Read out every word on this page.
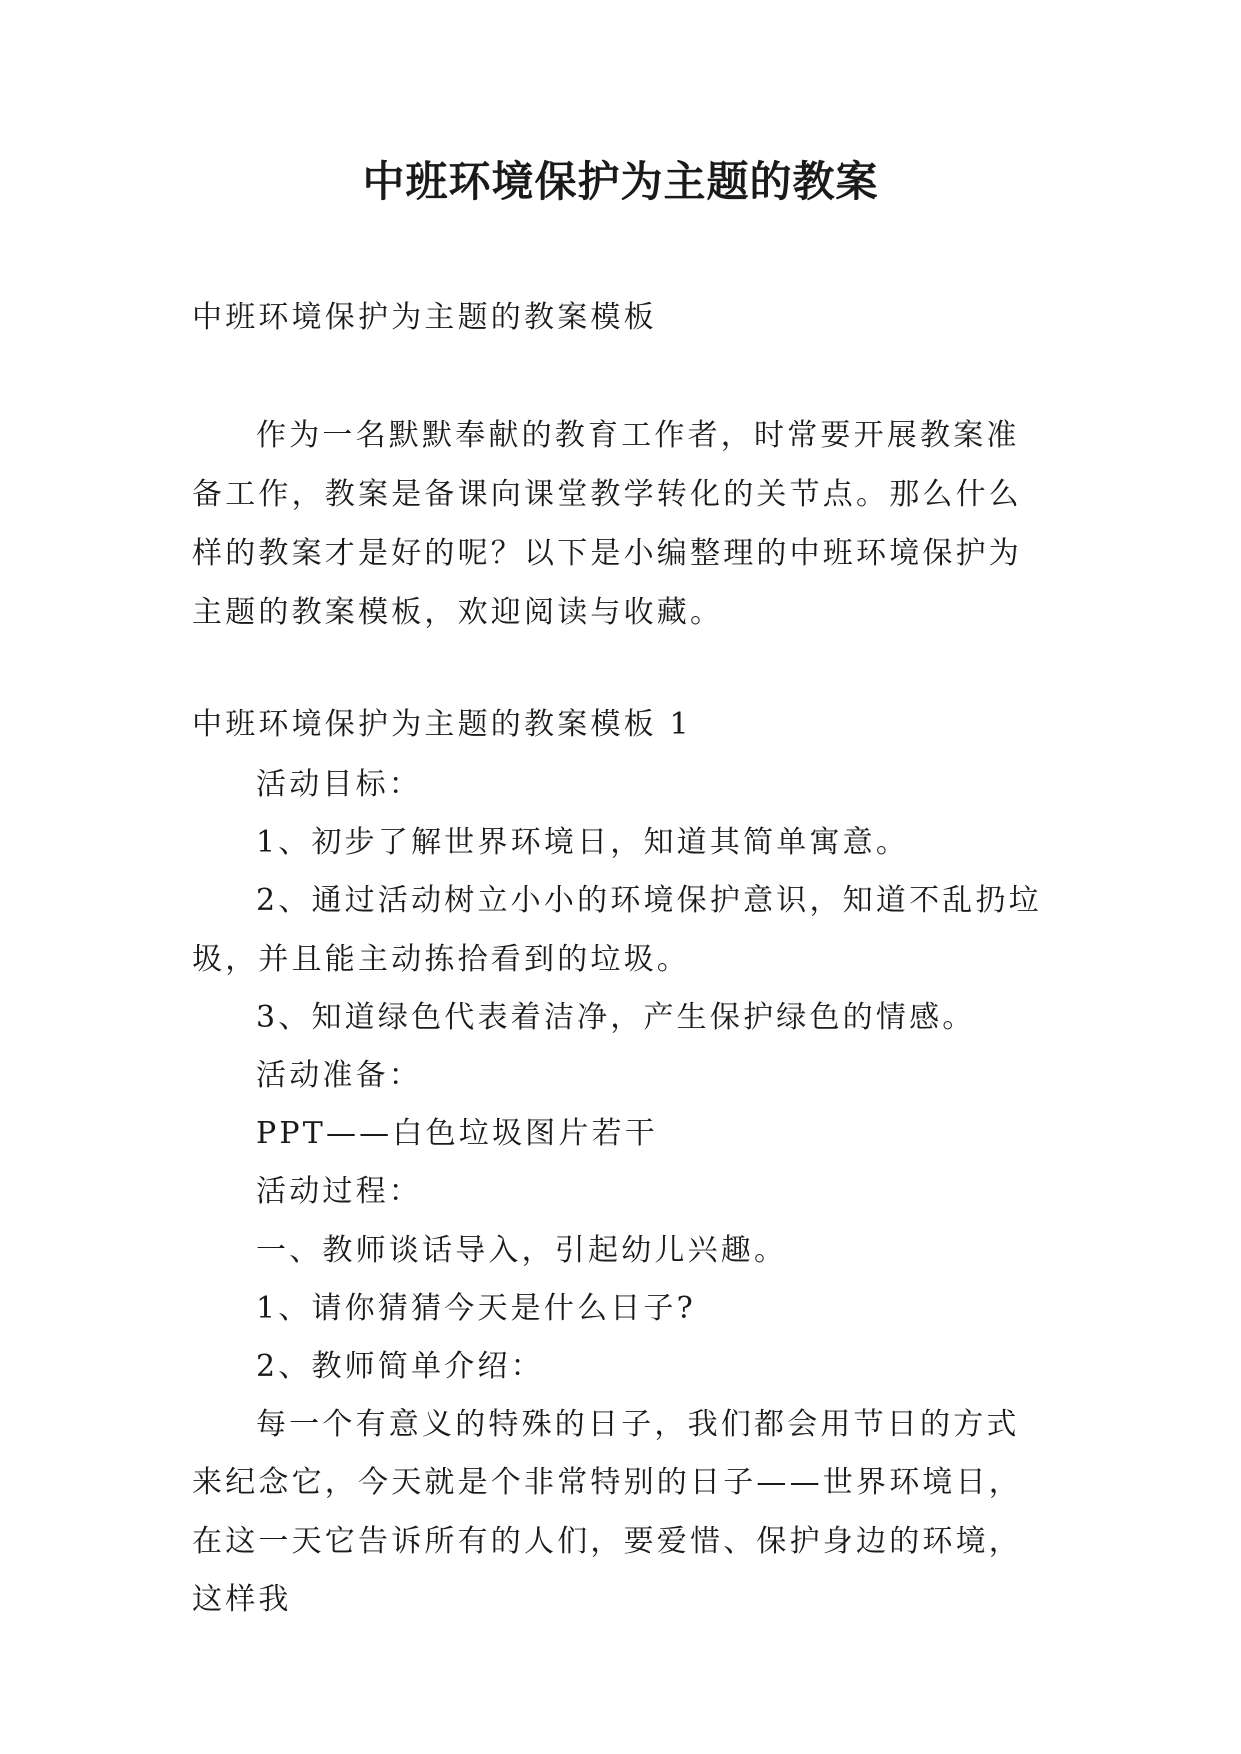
中班环境保护为主题的教案
中班环境保护为主题的教案模板
作为一名默默奉献的教育工作者，时常要开展教案准备工作，教案是备课向课堂教学转化的关节点。那么什么样的教案才是好的呢？以下是小编整理的中班环境保护为主题的教案模板，欢迎阅读与收藏。
中班环境保护为主题的教案模板 1

活动目标：

1、初步了解世界环境日，知道其简单寓意。

2、通过活动树立小小的环境保护意识，知道不乱扔垃圾，并且能主动拣拾看到的垃圾。

3、知道绿色代表着洁净，产生保护绿色的情感。

活动准备：

PPT——白色垃圾图片若干

活动过程：

一、教师谈话导入，引起幼儿兴趣。

1、请你猜猜今天是什么日子?

2、教师简单介绍：

每一个有意义的特殊的日子，我们都会用节日的方式来纪念它，今天就是个非常特别的日子——世界环境日，在这一天它告诉所有的人们，要爱惜、保护身边的环境，这样我
